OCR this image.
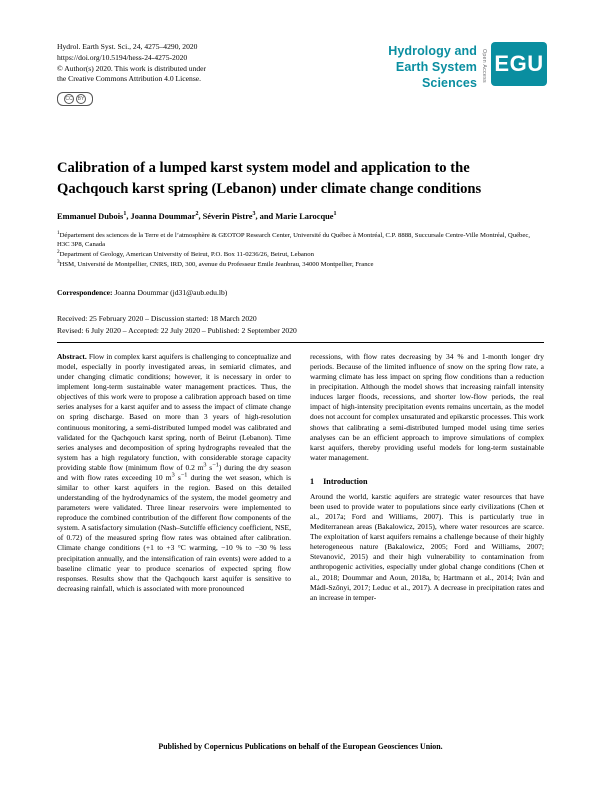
Hydrol. Earth Syst. Sci., 24, 4275–4290, 2020
https://doi.org/10.5194/hess-24-4275-2020
© Author(s) 2020. This work is distributed under
the Creative Commons Attribution 4.0 License.
CC	BY
Hydrology and
Earth System
Sciences
Open Access EGU
Calibration of a lumped karst system model and application to the Qachqouch karst spring (Lebanon) under climate change conditions
Emmanuel Dubois$^1$, Joanna Doummar$^2$, Séverin Pistre$^3$, and Marie Larocque$^1$
$^1$Département des sciences de la Terre et de l’atmosphère & GEOTOP Research Center, Université du Québec à Montréal, C.P. 8888, Succursale Centre-Ville Montréal, Québec, H3C 3P8, Canada
$^2$Department of Geology, American University of Beirut, P.O. Box 11-0236/26, Beirut, Lebanon
$^3$HSM, Université de Montpellier, CNRS, IRD, 300, avenue du Professeur Emile Jeanbrau, 34000 Montpellier, France
Correspondence: Joanna Doummar (jd31@aub.edu.lb)
Received: 25 February 2020 – Discussion started: 18 March 2020
Revised: 6 July 2020 – Accepted: 22 July 2020 – Published: 2 September 2020

Abstract. Flow in complex karst aquifers is challenging to conceptualize and model, especially in poorly investigated areas, in semiarid climates, and under changing climatic conditions; however, it is necessary in order to implement long-term sustainable water management practices. Thus, the objectives of this work were to propose a calibration approach based on time series analyses for a karst aquifer and to assess the impact of climate change on spring discharge. Based on more than 3 years of high-resolution continuous monitoring, a semi-distributed lumped model was calibrated and validated for the Qachqouch karst spring, north of Beirut (Lebanon). Time series analyses and decomposition of spring hydrographs revealed that the system has a high regulatory function, with considerable storage capacity providing stable flow (minimum flow of 0.2 $m^3$ $s^{-1}$) during the dry season and with flow rates exceeding 10 $m^3$ $s^{-1}$ during the wet season, which is similar to other karst aquifers in the region. Based on this detailed understanding of the hydrodynamics of the system, the model geometry and parameters were validated. Three linear reservoirs were implemented to reproduce the combined contribution of the different flow components of the system. A satisfactory simulation (Nash–Sutcliffe efficiency coefficient, NSE, of 0.72) of the measured spring flow rates was obtained after calibration. Climate change conditions (+1 to +3 °C warming, −10 % to −30 % less precipitation annually, and the intensification of rain events) were added to a baseline climatic year to produce scenarios of expected spring flow responses. Results show that the Qachqouch karst aquifer is sensitive to decreasing rainfall, which is associated with more pronounced

recessions, with flow rates decreasing by 34 % and 1-month longer dry periods. Because of the limited influence of snow on the spring flow rate, a warming climate has less impact on spring flow conditions than a reduction in precipitation. Although the model shows that increasing rainfall intensity induces larger floods, recessions, and shorter low-flow periods, the real impact of high-intensity precipitation events remains uncertain, as the model does not account for complex unsaturated and epikarstic processes. This work shows that calibrating a semi-distributed lumped model using time series analyses can be an efficient approach to improve simulations of complex karst aquifers, thereby providing useful models for long-term sustainable water management.

1 Introduction

Around the world, karstic aquifers are strategic water resources that have been used to provide water to populations since early civilizations (Chen et al., 2017a; Ford and Williams, 2007). This is particularly true in Mediterranean areas (Bakalowicz, 2015), where water resources are scarce. The exploitation of karst aquifers remains a challenge because of their highly heterogeneous nature (Bakalowicz, 2005; Ford and Williams, 2007; Stevanović, 2015) and their high vulnerability to contamination from anthropogenic activities, especially under global change conditions (Chen et al., 2018; Doummar and Aoun, 2018a, b; Hartmann et al., 2014; Iván and Mádl-Szőnyi, 2017; Leduc et al., 2017). A decrease in precipitation rates and an increase in temper-

Published by Copernicus Publications on behalf of the European Geosciences Union.
